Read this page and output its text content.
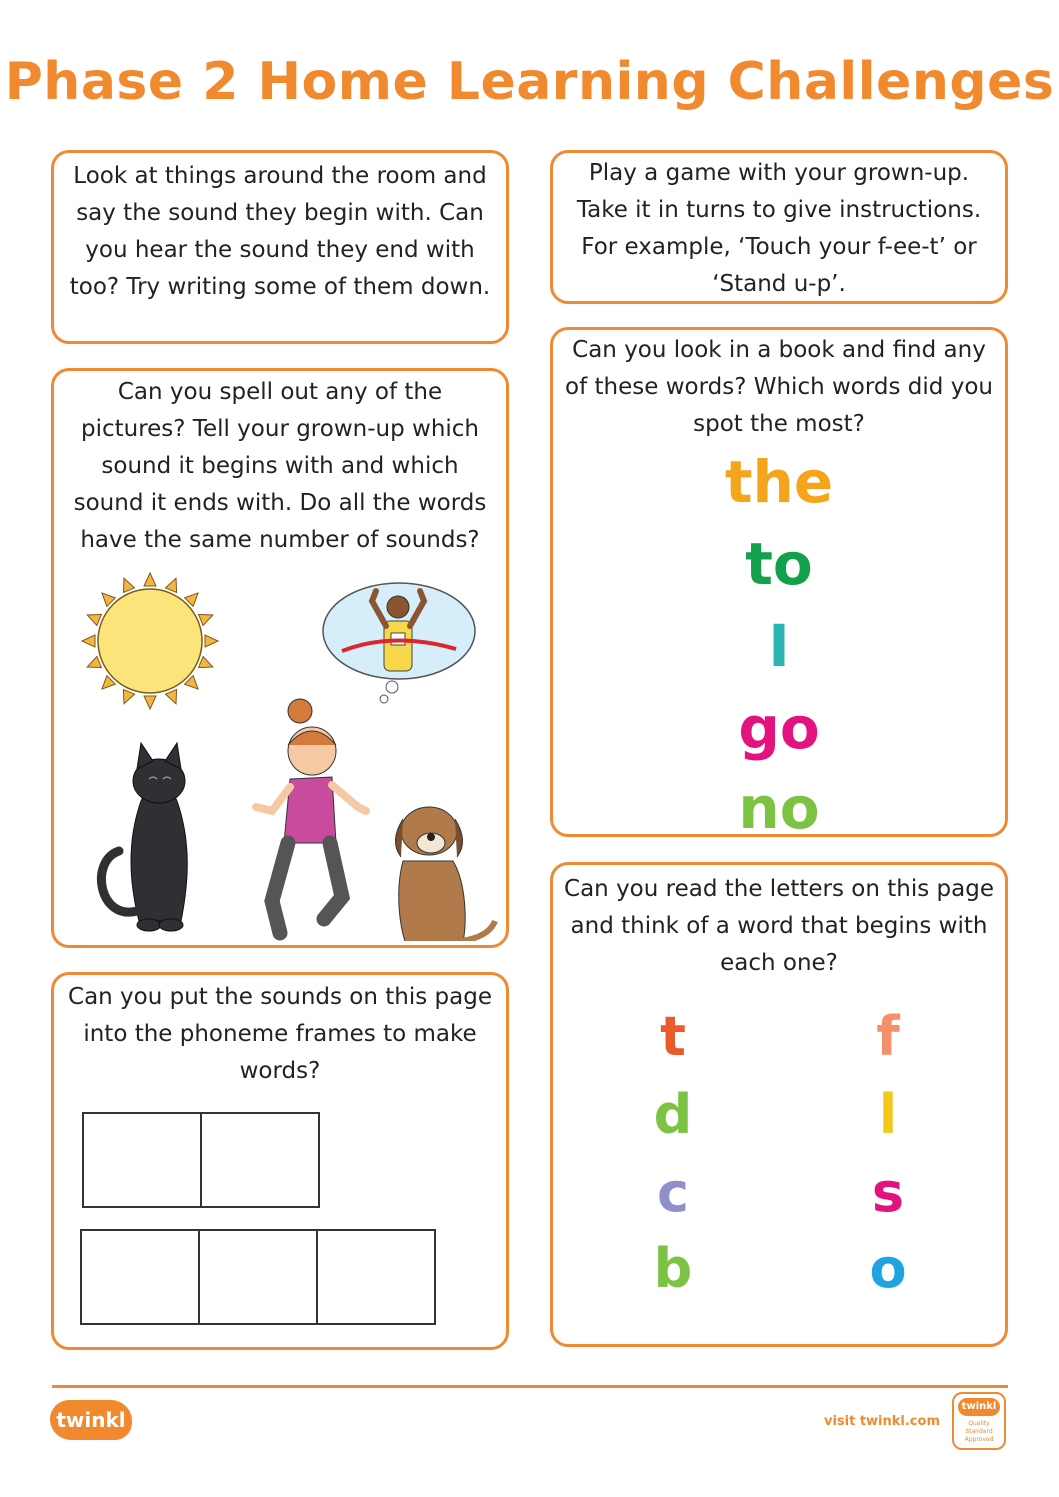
Phase 2 Home Learning Challenges
Look at things around the room and say the sound they begin with. Can you hear the sound they end with too? Try writing some of them down.
Play a game with your grown-up. Take it in turns to give instructions. For example, ‘Touch your f-ee-t’ or ‘Stand u-p’.
Can you spell out any of the pictures? Tell your grown-up which sound it begins with and which sound it ends with. Do all the words have the same number of sounds?
Can you look in a book and find any of these words? Which words did you spot the most?
the
to
I
go
no
Can you put the sounds on this page into the phoneme frames to make words?
Can you read the letters on this page and think of a word that begins with each one?
t	f
d	l
c	s
b	o
twinkl	visit twinkl.com
twinkl
Quality Standard Approved
